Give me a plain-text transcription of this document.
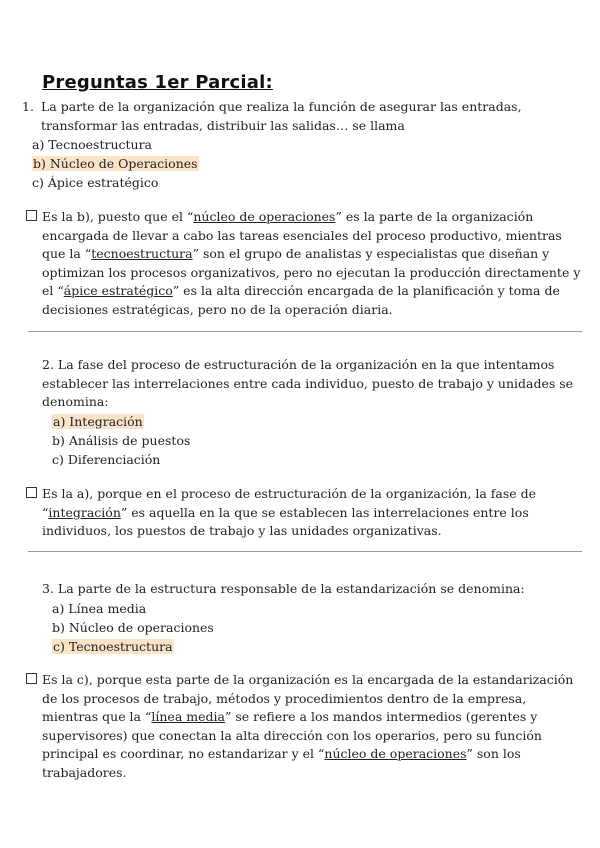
Preguntas 1er Parcial:
1. La parte de la organización que realiza la función de asegurar las entradas, transformar las entradas, distribuir las salidas… se llama
a) Tecnoestructura
b) Núcleo de Operaciones
c) Ápice estratégico
Es la b), puesto que el “núcleo de operaciones” es la parte de la organización encargada de llevar a cabo las tareas esenciales del proceso productivo, mientras que la “tecnoestructura” son el grupo de analistas y especialistas que diseñan y optimizan los procesos organizativos, pero no ejecutan la producción directamente y el “ápice estratégico” es la alta dirección encargada de la planificación y toma de decisiones estratégicas, pero no de la operación diaria.
2. La fase del proceso de estructuración de la organización en la que intentamos establecer las interrelaciones entre cada individuo, puesto de trabajo y unidades se denomina:
a) Integración
b) Análisis de puestos
c) Diferenciación
Es la a), porque en el proceso de estructuración de la organización, la fase de “integración” es aquella en la que se establecen las interrelaciones entre los individuos, los puestos de trabajo y las unidades organizativas.
3. La parte de la estructura responsable de la estandarización se denomina:
a) Línea media
b) Núcleo de operaciones
c) Tecnoestructura
Es la c), porque esta parte de la organización es la encargada de la estandarización de los procesos de trabajo, métodos y procedimientos dentro de la empresa, mientras que la “línea media” se refiere a los mandos intermedios (gerentes y supervisores) que conectan la alta dirección con los operarios, pero su función principal es coordinar, no estandarizar y el “núcleo de operaciones” son los trabajadores.
